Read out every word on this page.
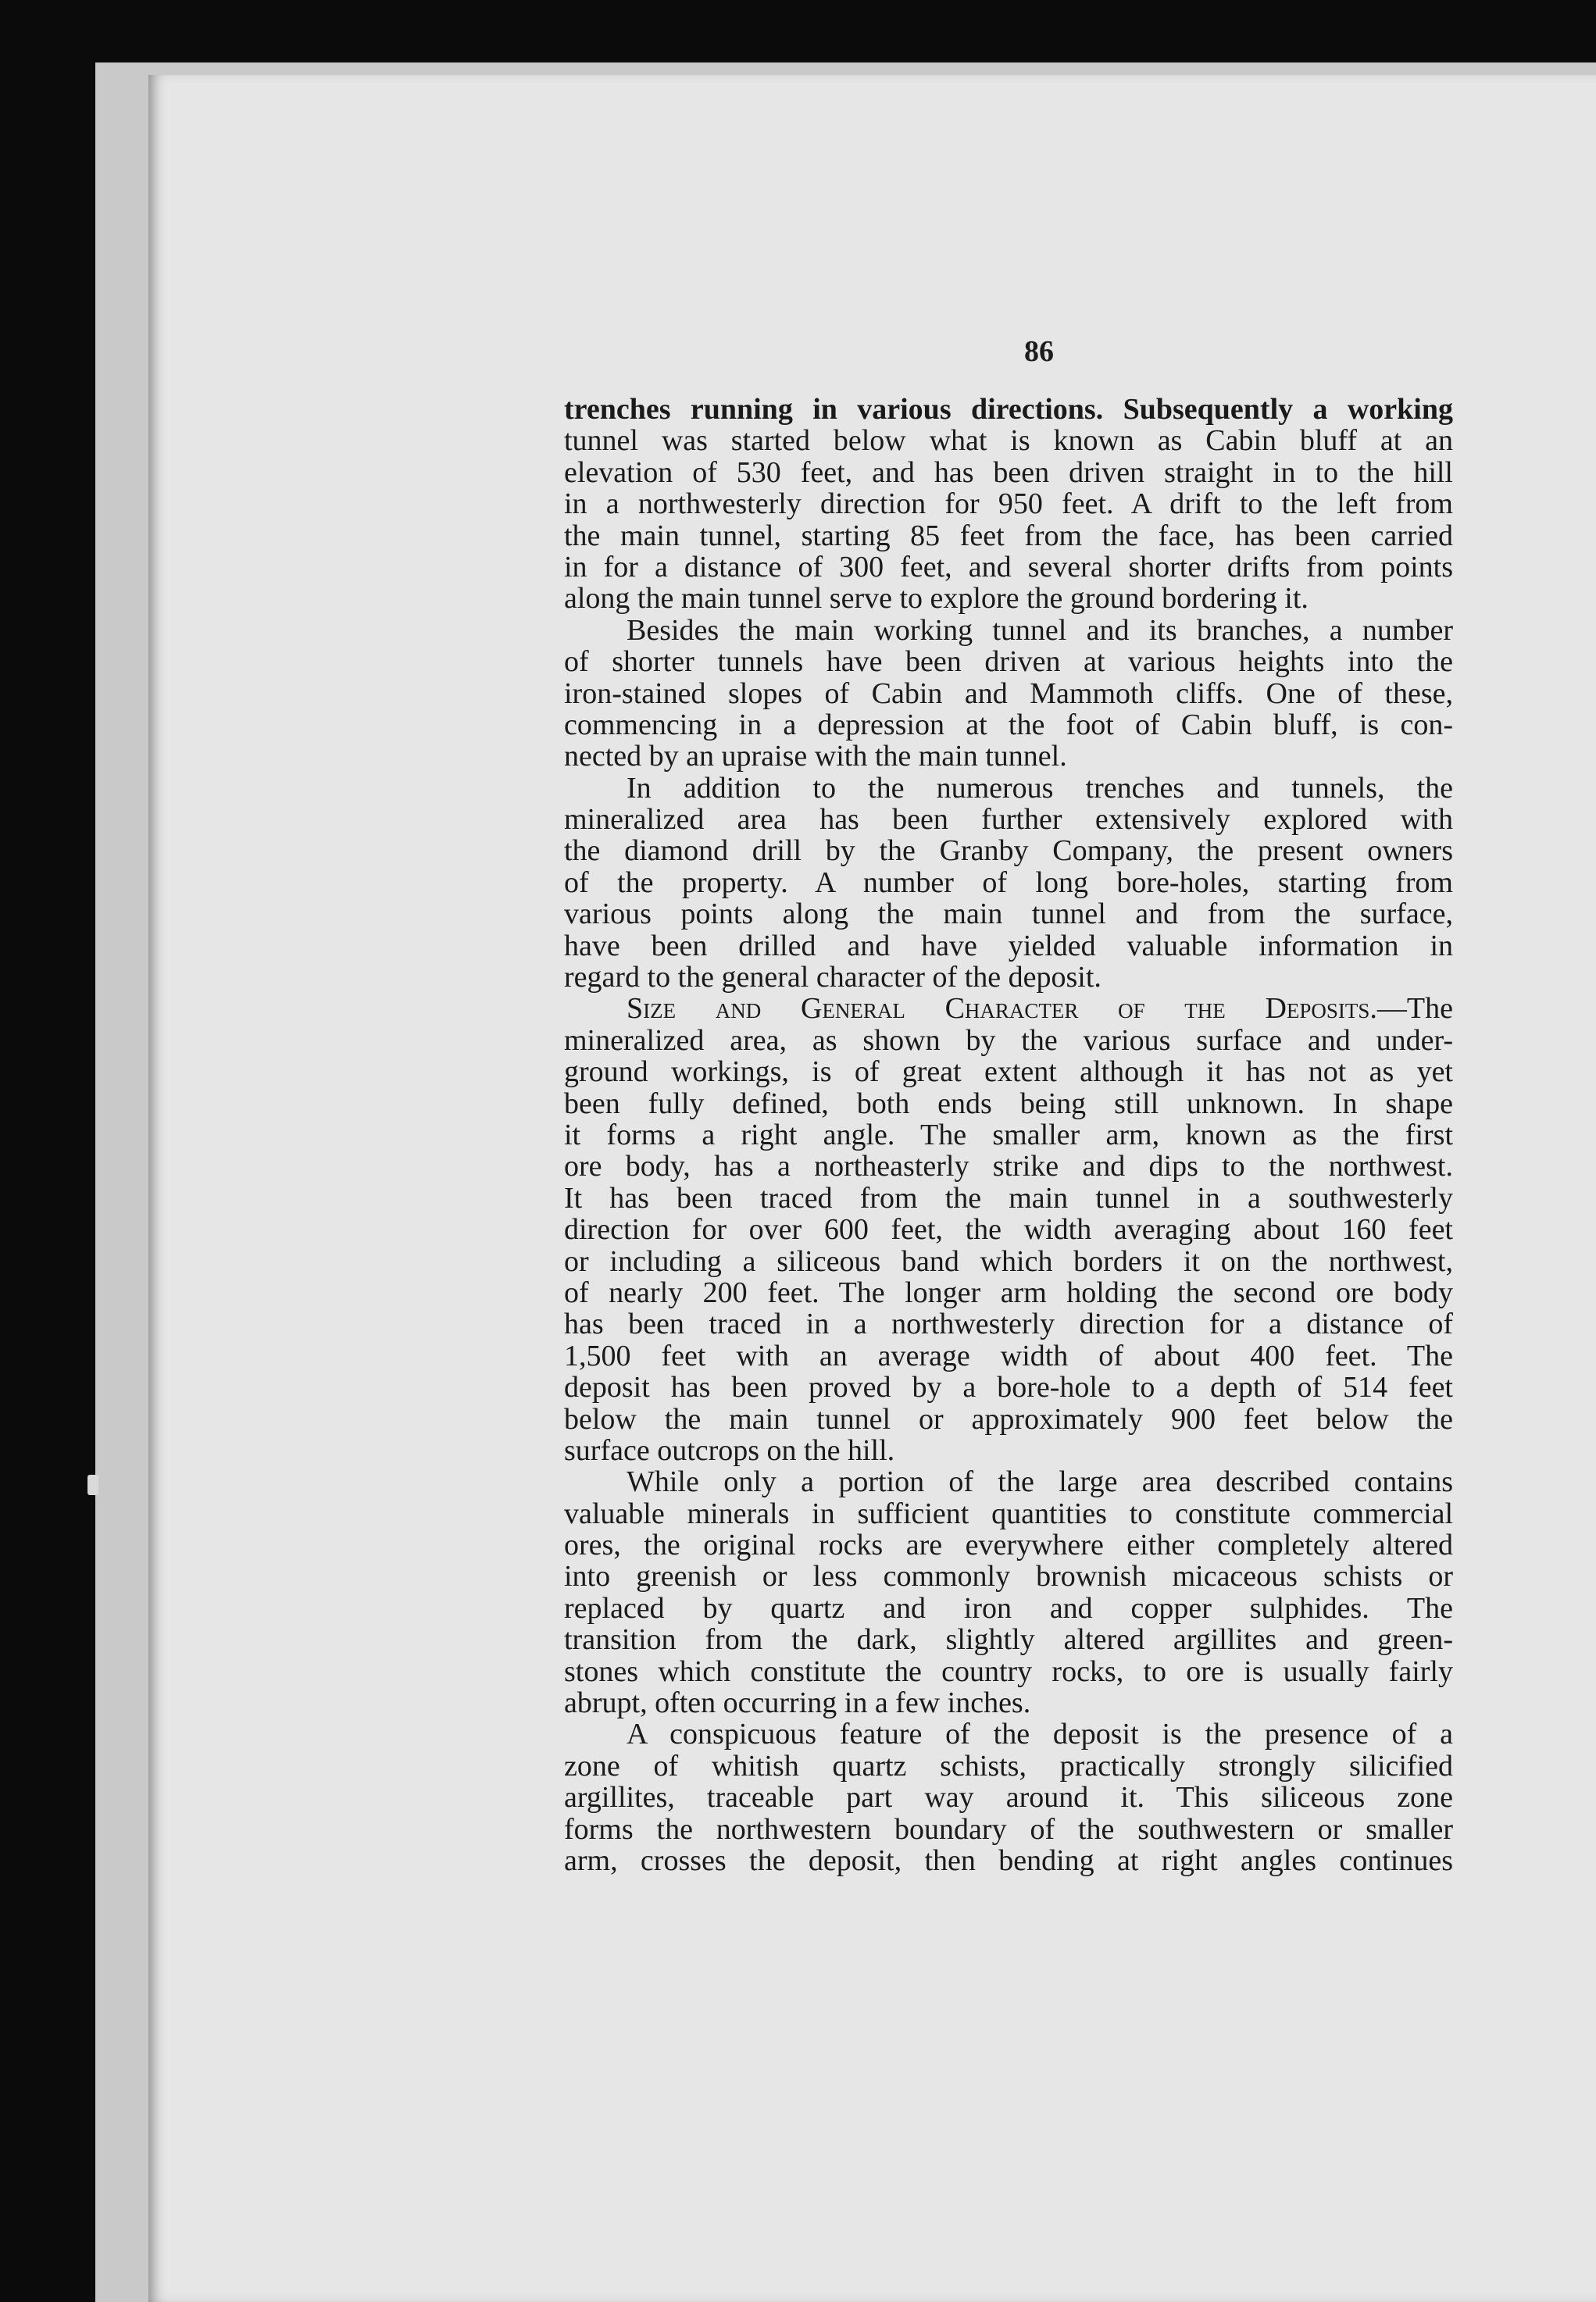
86
trenches running in various directions. Subsequently a working
tunnel was started below what is known as Cabin bluff at an
elevation of 530 feet, and has been driven straight in to the hill
in a northwesterly direction for 950 feet. A drift to the left from
the main tunnel, starting 85 feet from the face, has been carried
in for a distance of 300 feet, and several shorter drifts from points
along the main tunnel serve to explore the ground bordering it.
Besides the main working tunnel and its branches, a number
of shorter tunnels have been driven at various heights into the
iron-stained slopes of Cabin and Mammoth cliffs. One of these,
commencing in a depression at the foot of Cabin bluff, is con-
nected by an upraise with the main tunnel.
In addition to the numerous trenches and tunnels, the
mineralized area has been further extensively explored with
the diamond drill by the Granby Company, the present owners
of the property. A number of long bore-holes, starting from
various points along the main tunnel and from the surface,
have been drilled and have yielded valuable information in
regard to the general character of the deposit.
Size and General Character of the Deposits.—The
mineralized area, as shown by the various surface and under-
ground workings, is of great extent although it has not as yet
been fully defined, both ends being still unknown. In shape
it forms a right angle. The smaller arm, known as the first
ore body, has a northeasterly strike and dips to the northwest.
It has been traced from the main tunnel in a southwesterly
direction for over 600 feet, the width averaging about 160 feet
or including a siliceous band which borders it on the northwest,
of nearly 200 feet. The longer arm holding the second ore body
has been traced in a northwesterly direction for a distance of
1,500 feet with an average width of about 400 feet. The
deposit has been proved by a bore-hole to a depth of 514 feet
below the main tunnel or approximately 900 feet below the
surface outcrops on the hill.
While only a portion of the large area described contains
valuable minerals in sufficient quantities to constitute commercial
ores, the original rocks are everywhere either completely altered
into greenish or less commonly brownish micaceous schists or
replaced by quartz and iron and copper sulphides. The
transition from the dark, slightly altered argillites and green-
stones which constitute the country rocks, to ore is usually fairly
abrupt, often occurring in a few inches.
A conspicuous feature of the deposit is the presence of a
zone of whitish quartz schists, practically strongly silicified
argillites, traceable part way around it. This siliceous zone
forms the northwestern boundary of the southwestern or smaller
arm, crosses the deposit, then bending at right angles continues
